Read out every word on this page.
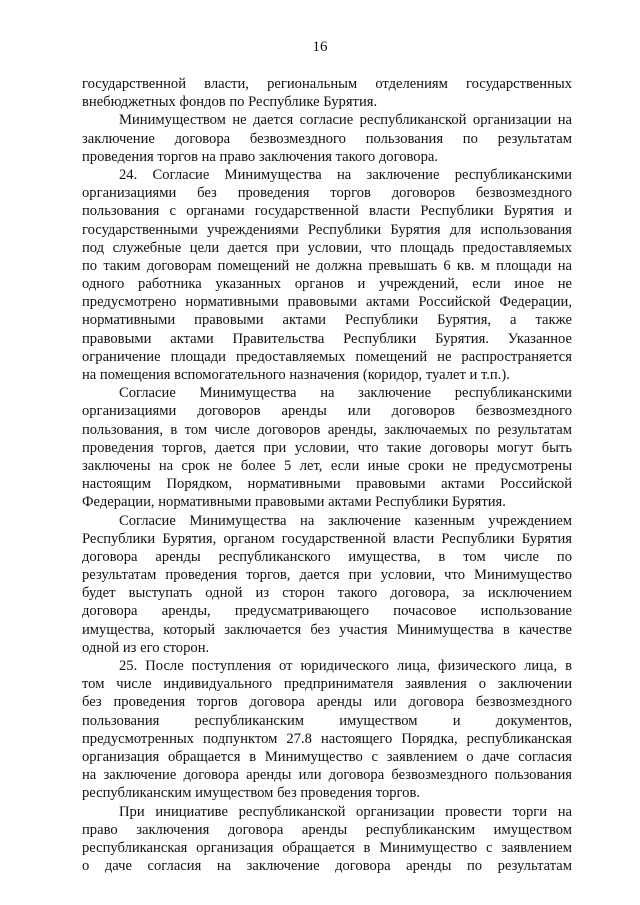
16
государственной власти, региональным отделениям государственных
внебюджетных фондов по Республике Бурятия.
Минимуществом не дается согласие республиканской организации на
заключение договора безвозмездного пользования по результатам
проведения торгов на право заключения такого договора.
24. Согласие Минимущества на заключение республиканскими
организациями без проведения торгов договоров безвозмездного
пользования с органами государственной власти Республики Бурятия и
государственными учреждениями Республики Бурятия для использования
под служебные цели дается при условии, что площадь предоставляемых
по таким договорам помещений не должна превышать 6 кв. м площади на
одного работника указанных органов и учреждений, если иное не
предусмотрено нормативными правовыми актами Российской Федерации,
нормативными правовыми актами Республики Бурятия, а также
правовыми актами Правительства Республики Бурятия. Указанное
ограничение площади предоставляемых помещений не распространяется
на помещения вспомогательного назначения (коридор, туалет и т.п.).
Согласие Минимущества на заключение республиканскими
организациями договоров аренды или договоров безвозмездного
пользования, в том числе договоров аренды, заключаемых по результатам
проведения торгов, дается при условии, что такие договоры могут быть
заключены на срок не более 5 лет, если иные сроки не предусмотрены
настоящим Порядком, нормативными правовыми актами Российской
Федерации, нормативными правовыми актами Республики Бурятия.
Согласие Минимущества на заключение казенным учреждением
Республики Бурятия, органом государственной власти Республики Бурятия
договора аренды республиканского имущества, в том числе по
результатам проведения торгов, дается при условии, что Минимущество
будет выступать одной из сторон такого договора, за исключением
договора аренды, предусматривающего почасовое использование
имущества, который заключается без участия Минимущества в качестве
одной из его сторон.
25. После поступления от юридического лица, физического лица, в
том числе индивидуального предпринимателя заявления о заключении
без проведения торгов договора аренды или договора безвозмездного
пользования республиканским имуществом и документов,
предусмотренных подпунктом 27.8 настоящего Порядка, республиканская
организация обращается в Минимущество с заявлением о даче согласия
на заключение договора аренды или договора безвозмездного пользования
республиканским имуществом без проведения торгов.
При инициативе республиканской организации провести торги на
право заключения договора аренды республиканским имуществом
республиканская организация обращается в Минимущество с заявлением
о даче согласия на заключение договора аренды по результатам
